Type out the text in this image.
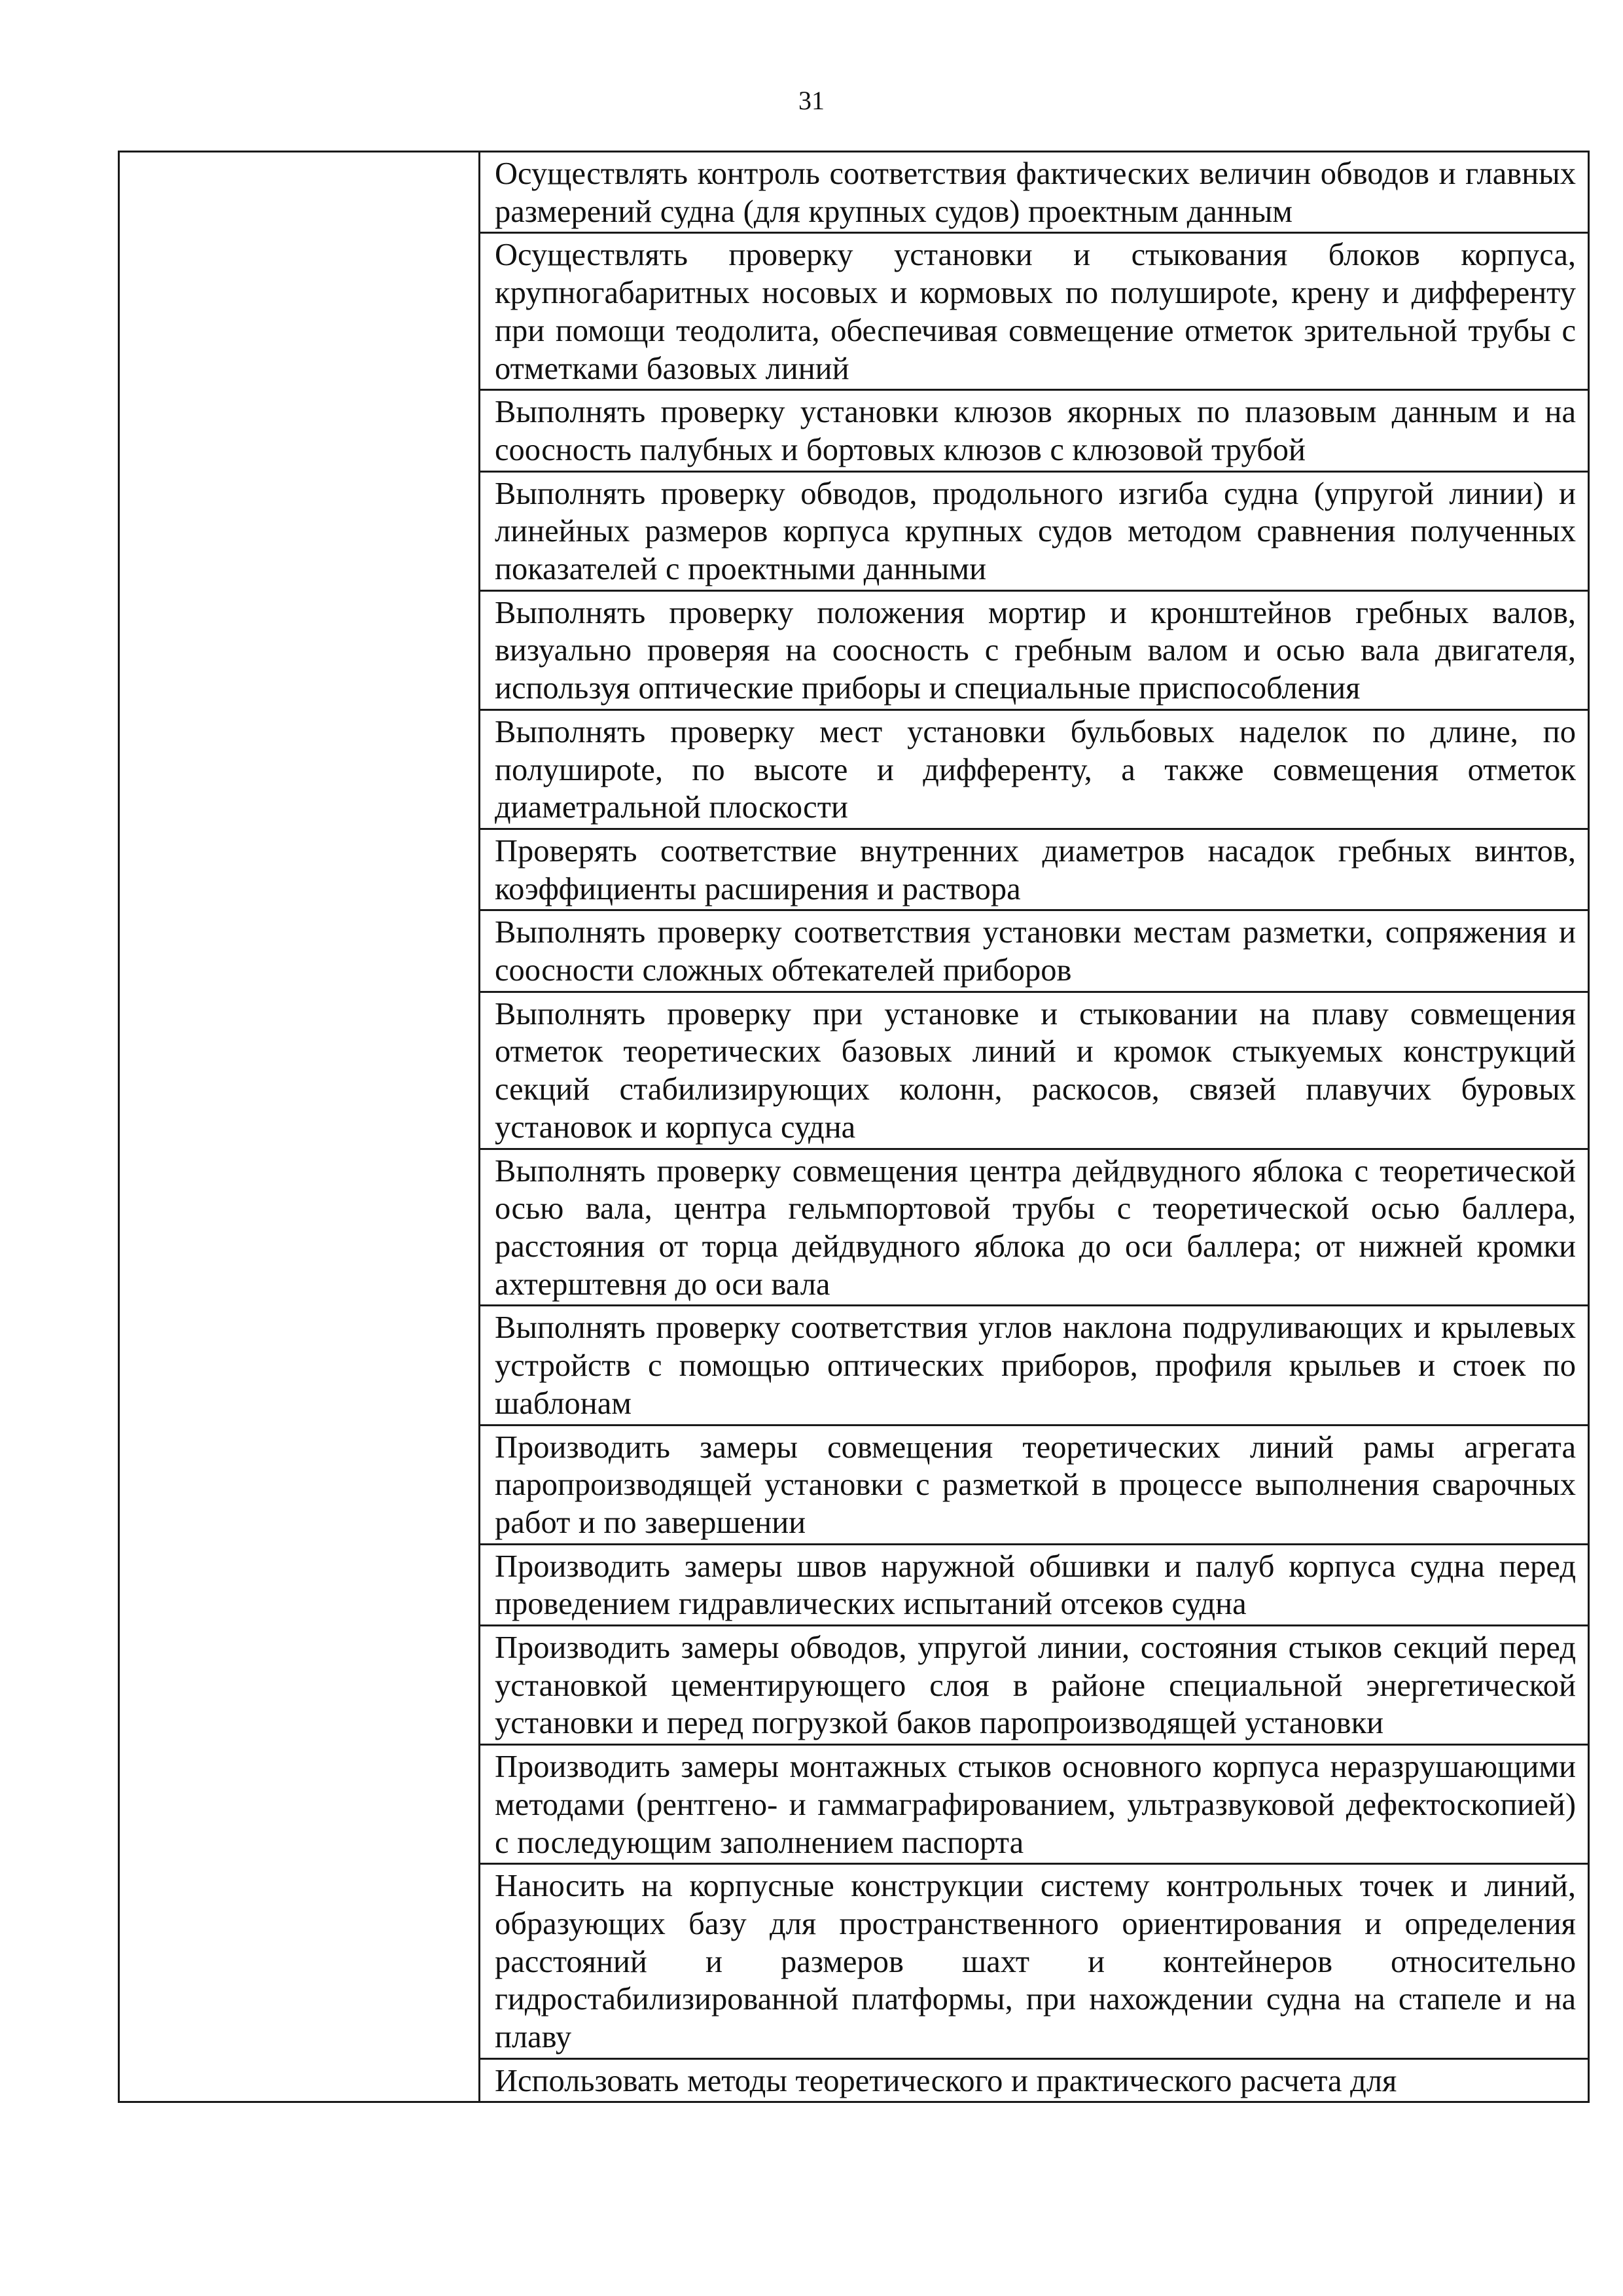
31

Осуществлять контроль соответствия фактических величин обводов и главных размерений судна (для крупных судов) проектным данным

Осуществлять проверку установки и стыкования блоков корпуса, крупногабаритных носовых и кормовых по полуширote, крену и дифференту при помощи теодолита, обеспечивая совмещение отметок зрительной трубы с отметками базовых линий

Выполнять проверку установки клюзов якорных по плазовым данным и на соосность палубных и бортовых клюзов с клюзовой трубой

Выполнять проверку обводов, продольного изгиба судна (упругой линии) и линейных размеров корпуса крупных судов методом сравнения полученных показателей с проектными данными

Выполнять проверку положения мортир и кронштейнов гребных валов, визуально проверяя на соосность с гребным валом и осью вала двигателя, используя оптические приборы и специальные приспособления

Выполнять проверку мест установки бульбовых наделок по длине, по полуширote, по высоте и дифференту, а также совмещения отметок диаметральной плоскости

Проверять соответствие внутренних диаметров насадок гребных винтов, коэффициенты расширения и раствора

Выполнять проверку соответствия установки местам разметки, сопряжения и соосности сложных обтекателей приборов

Выполнять проверку при установке и стыковании на плаву совмещения отметок теоретических базовых линий и кромок стыкуемых конструкций секций стабилизирующих колонн, раскосов, связей плавучих буровых установок и корпуса судна

Выполнять проверку совмещения центра дейдвудного яблока с теоретической осью вала, центра гельмпортовой трубы с теоретической осью баллера, расстояния от торца дейдвудного яблока до оси баллера; от нижней кромки ахтерштевня до оси вала

Выполнять проверку соответствия углов наклона подруливающих и крылевых устройств с помощью оптических приборов, профиля крыльев и стоек по шаблонам

Производить замеры совмещения теоретических линий рамы агрегата паропроизводящей установки с разметкой в процессе выполнения сварочных работ и по завершении

Производить замеры швов наружной обшивки и палуб корпуса судна перед проведением гидравлических испытаний отсеков судна

Производить замеры обводов, упругой линии, состояния стыков секций перед установкой цементирующего слоя в районе специальной энергетической установки и перед погрузкой баков паропроизводящей установки

Производить замеры монтажных стыков основного корпуса неразрушающими методами (рентгено- и гаммаграфированием, ультразвуковой дефектоскопией) с последующим заполнением паспорта

Наносить на корпусные конструкции систему контрольных точек и линий, образующих базу для пространственного ориентирования и определения расстояний и размеров шахт и контейнеров относительно гидростабилизированной платформы, при нахождении судна на стапеле и на плаву

Использовать методы теоретического и практического расчета для
